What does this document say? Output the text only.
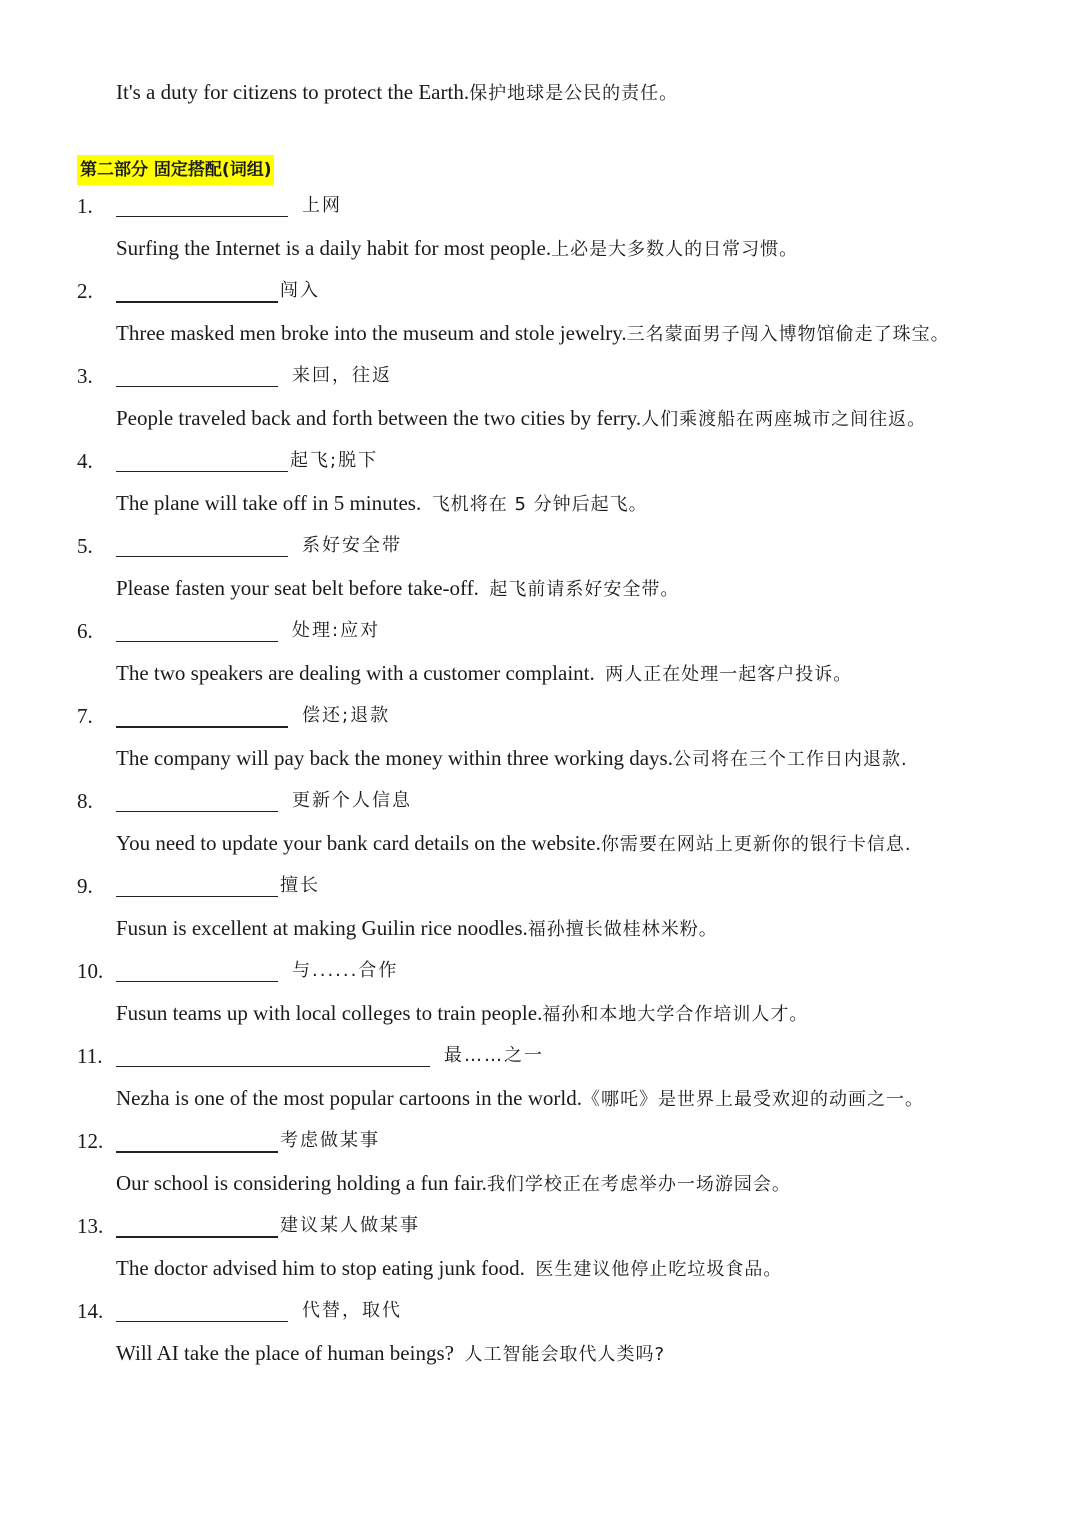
It's a duty for citizens to protect the Earth.保护地球是公民的责任。
第二部分 固定搭配(词组)
1.	上网
Surfing the Internet is a daily habit for most people.上必是大多数人的日常习惯。
2.	闯入
Three masked men broke into the museum and stole jewelry.三名蒙面男子闯入博物馆偷走了珠宝。
3.	来回，往返
People traveled back and forth between the two cities by ferry.人们乘渡船在两座城市之间往返。
4.	起飞;脱下
The plane will take off in 5 minutes. 飞机将在 5 分钟后起飞。
5.	系好安全带
Please fasten your seat belt before take-off. 起飞前请系好安全带。
6.	处理:应对
The two speakers are dealing with a customer complaint. 两人正在处理一起客户投诉。
7.	偿还;退款
The company will pay back the money within three working days.公司将在三个工作日内退款.
8.	更新个人信息
You need to update your bank card details on the website.你需要在网站上更新你的银行卡信息.
9.	擅长
Fusun is excellent at making Guilin rice noodles.福孙擅长做桂林米粉。
10.	与......合作
Fusun teams up with local colleges to train people.福孙和本地大学合作培训人才。
11.	最……之一
Nezha is one of the most popular cartoons in the world.《哪吒》是世界上最受欢迎的动画之一。
12.	考虑做某事
Our school is considering holding a fun fair.我们学校正在考虑举办一场游园会。
13.	建议某人做某事
The doctor advised him to stop eating junk food. 医生建议他停止吃垃圾食品。
14.	代替，取代
Will AI take the place of human beings? 人工智能会取代人类吗?
